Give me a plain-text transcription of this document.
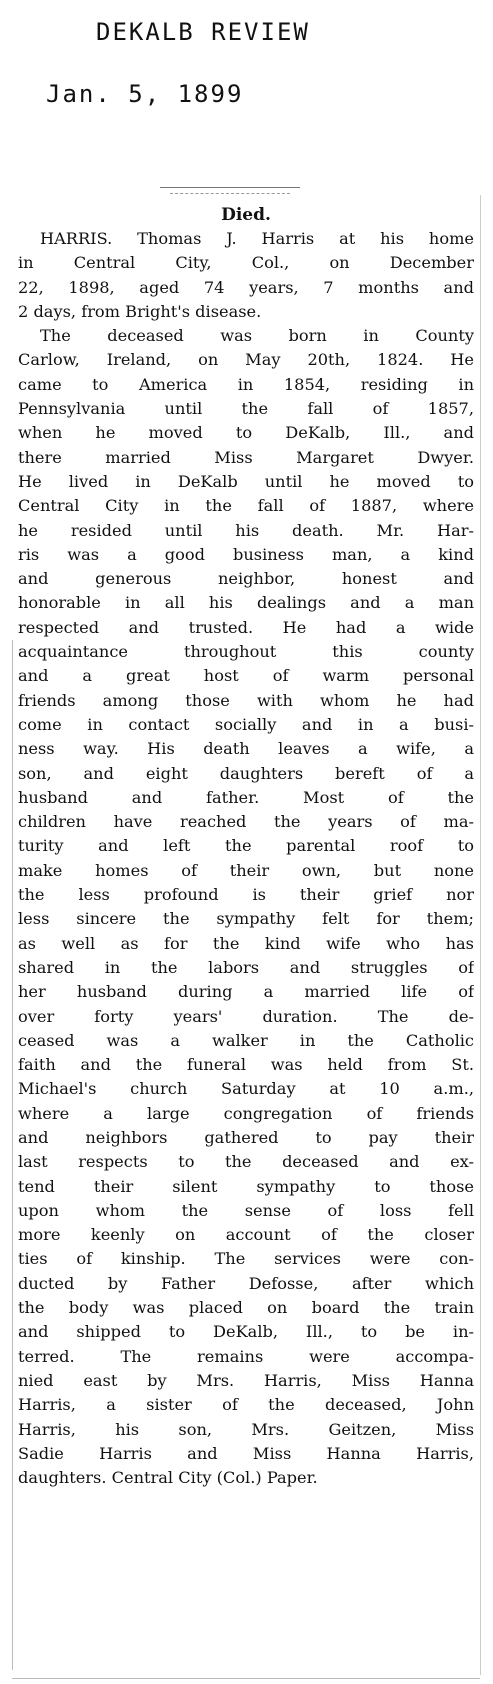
DEKALB REVIEW
Jan. 5, 1899
Died.
HARRIS. Thomas J. Harris at his home
in Central City, Col., on December
22, 1898, aged 74 years, 7 months and
2 days, from Bright's disease.
The deceased was born in County
Carlow, Ireland, on May 20th, 1824. He
came to America in 1854, residing in
Pennsylvania until the fall of 1857,
when he moved to DeKalb, Ill., and
there married Miss Margaret Dwyer.
He lived in DeKalb until he moved to
Central City in the fall of 1887, where
he resided until his death. Mr. Har-
ris was a good business man, a kind
and generous neighbor, honest and
honorable in all his dealings and a man
respected and trusted. He had a wide
acquaintance throughout this county
and a great host of warm personal
friends among those with whom he had
come in contact socially and in a busi-
ness way. His death leaves a wife, a
son, and eight daughters bereft of a
husband and father. Most of the
children have reached the years of ma-
turity and left the parental roof to
make homes of their own, but none
the less profound is their grief nor
less sincere the sympathy felt for them;
as well as for the kind wife who has
shared in the labors and struggles of
her husband during a married life of
over forty years' duration. The de-
ceased was a walker in the Catholic
faith and the funeral was held from St.
Michael's church Saturday at 10 a.m.,
where a large congregation of friends
and neighbors gathered to pay their
last respects to the deceased and ex-
tend their silent sympathy to those
upon whom the sense of loss fell
more keenly on account of the closer
ties of kinship. The services were con-
ducted by Father Defosse, after which
the body was placed on board the train
and shipped to DeKalb, Ill., to be in-
terred. The remains were accompa-
nied east by Mrs. Harris, Miss Hanna
Harris, a sister of the deceased, John
Harris, his son, Mrs. Geitzen, Miss
Sadie Harris and Miss Hanna Harris,
daughters. Central City (Col.) Paper.
